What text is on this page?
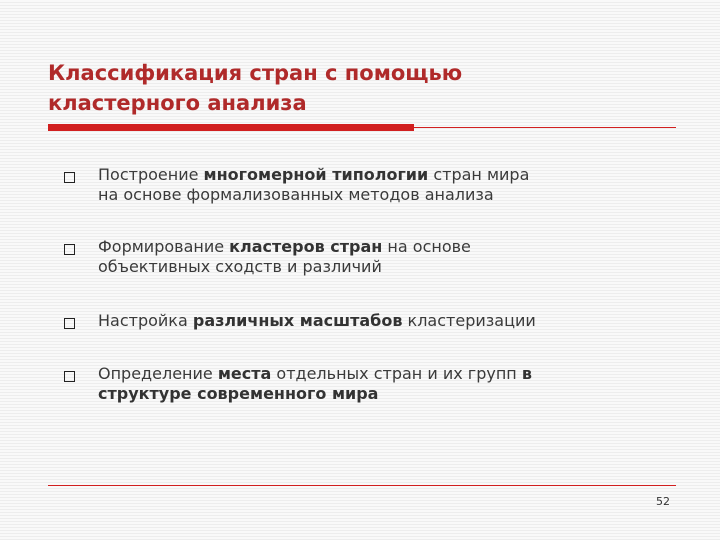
Классификация стран с помощью
кластерного анализа
Построение многомерной типологии стран мира
на основе формализованных методов анализа
Формирование кластеров стран на основе
объективных сходств и различий
Настройка различных масштабов кластеризации
Определение места отдельных стран и их групп в
структуре современного мира
52
